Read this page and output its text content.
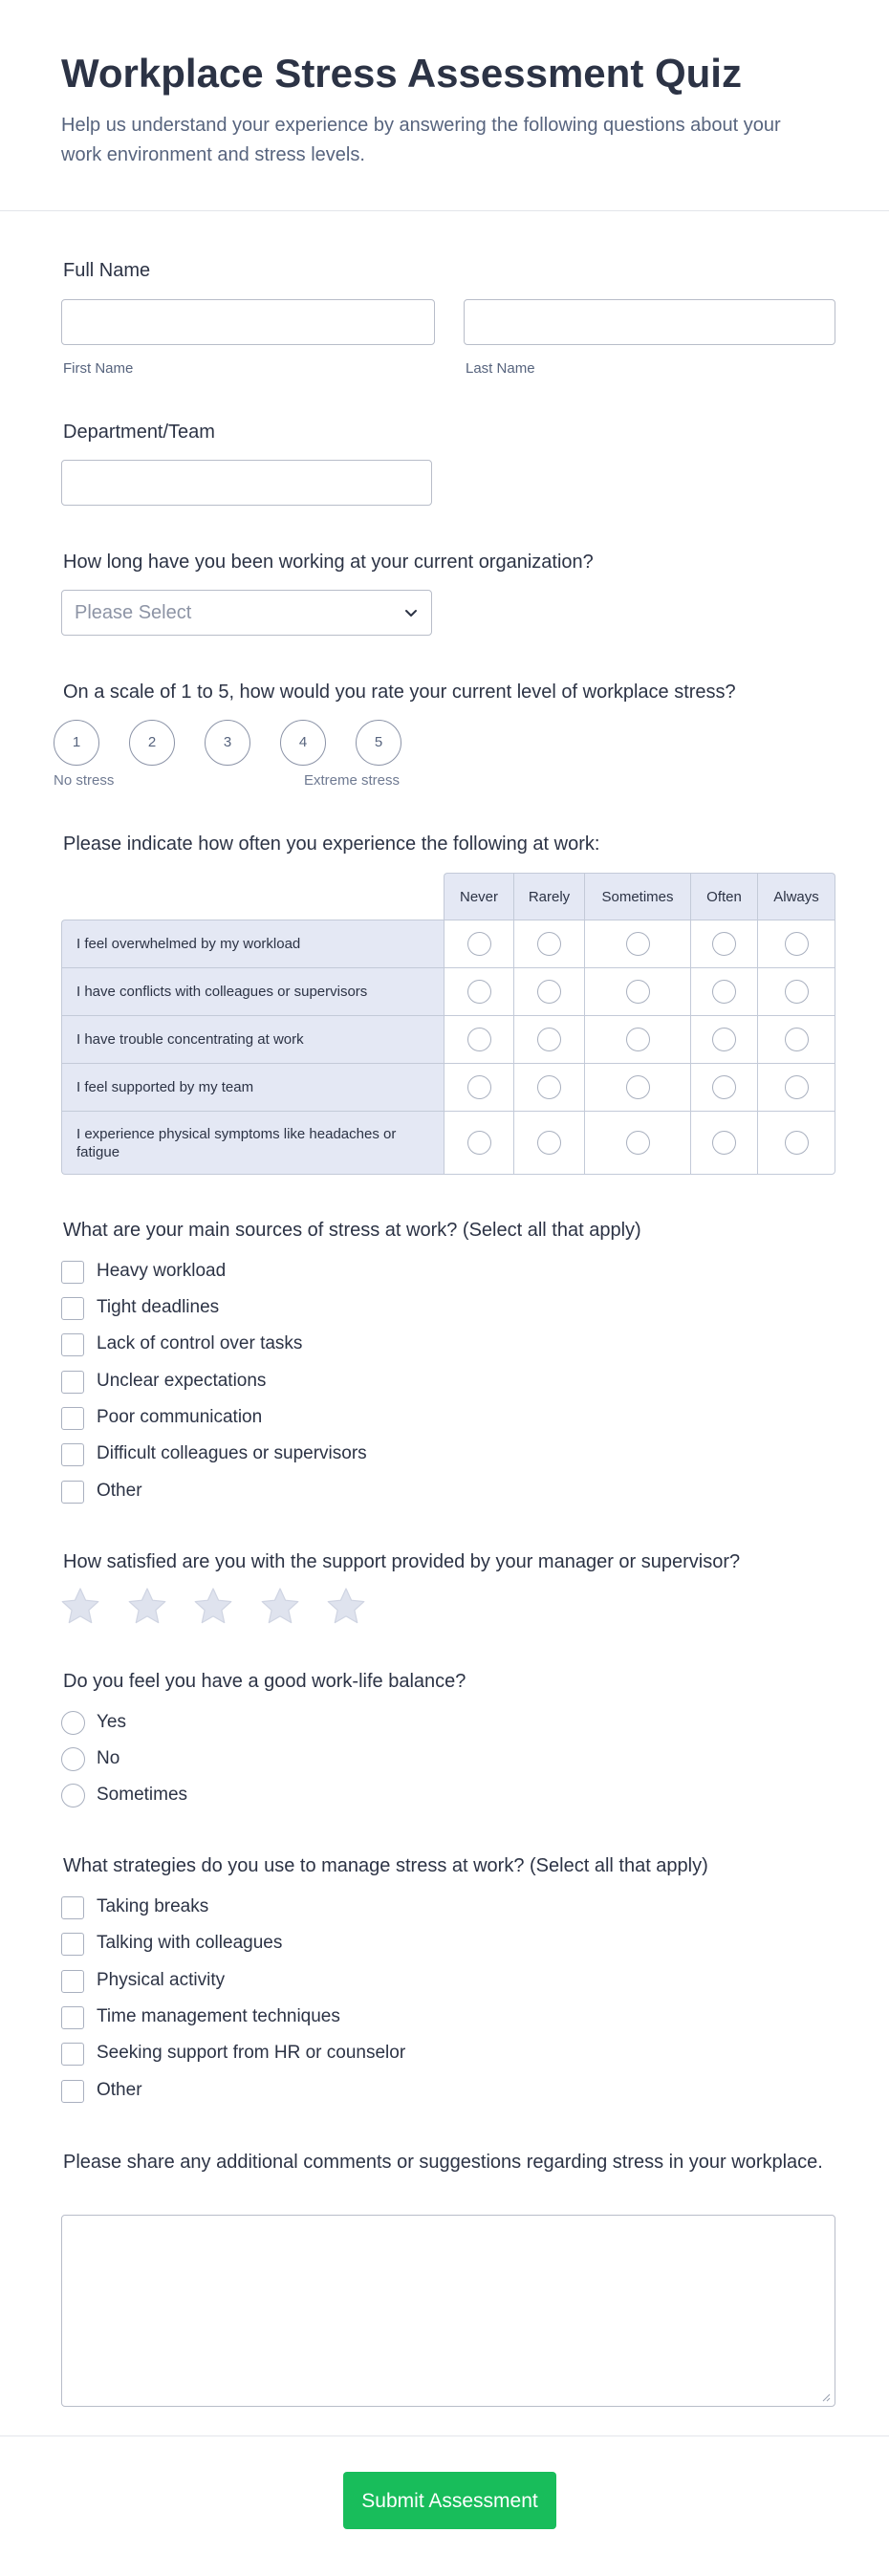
Workplace Stress Assessment Quiz

Help us understand your experience by answering the following questions about your work environment and stress levels.

Full Name
First Name	Last Name
Department/Team
How long have you been working at your current organization?
Please Select
On a scale of 1 to 5, how would you rate your current level of workplace stress?
1	2	3	4	5
No stress	Extreme stress
Please indicate how often you experience the following at work:
	Never	Rarely	Sometimes	Often	Always
I feel overwhelmed by my workload					
I have conflicts with colleagues or supervisors					
I have trouble concentrating at work					
I feel supported by my team					
I experience physical symptoms like headaches or fatigue					
What are your main sources of stress at work? (Select all that apply)
Heavy workload
Tight deadlines
Lack of control over tasks
Unclear expectations
Poor communication
Difficult colleagues or supervisors
Other
How satisfied are you with the support provided by your manager or supervisor?
Do you feel you have a good work-life balance?
Yes
No
Sometimes
What strategies do you use to manage stress at work? (Select all that apply)
Taking breaks
Talking with colleagues
Physical activity
Time management techniques
Seeking support from HR or counselor
Other
Please share any additional comments or suggestions regarding stress in your workplace.
Submit Assessment
